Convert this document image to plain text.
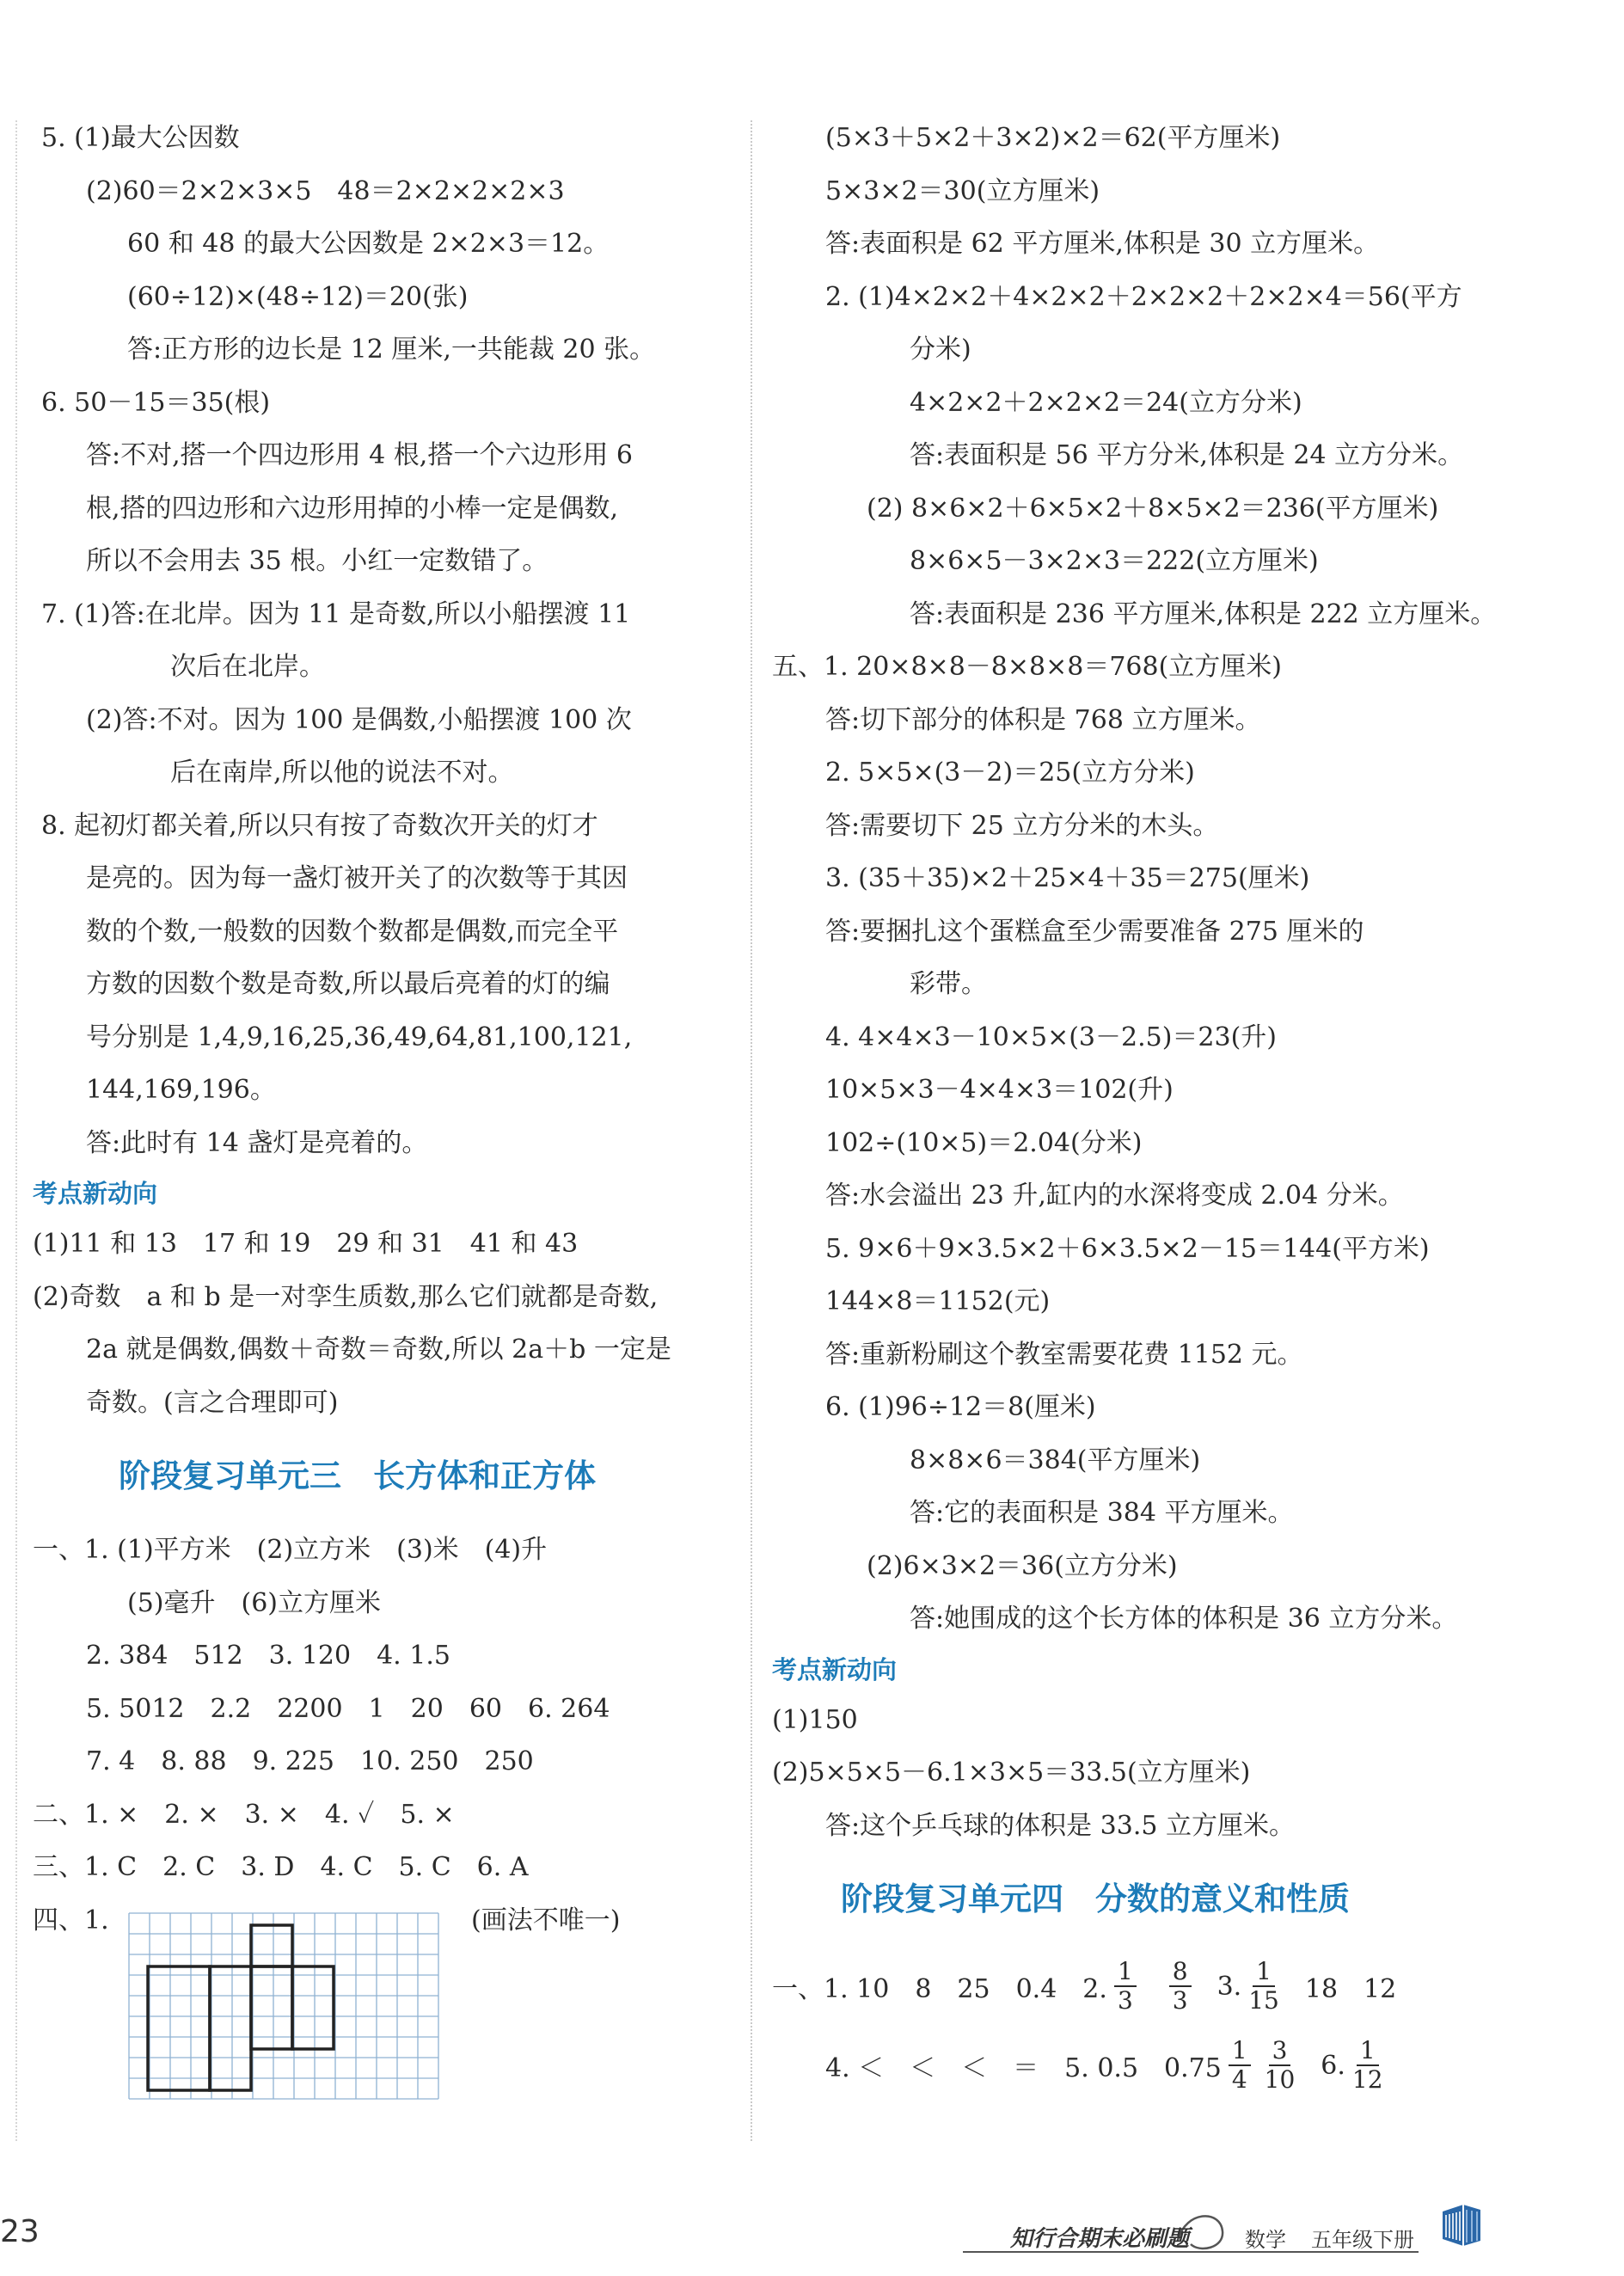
5. (1)最大公因数
(2)60＝2×2×3×5　48＝2×2×2×2×3
60 和 48 的最大公因数是 2×2×3＝12。
(60÷12)×(48÷12)＝20(张)
答:正方形的边长是 12 厘米,一共能裁 20 张。
6. 50－15＝35(根)
答:不对,搭一个四边形用 4 根,搭一个六边形用 6
根,搭的四边形和六边形用掉的小棒一定是偶数,
所以不会用去 35 根。小红一定数错了。
7. (1)答:在北岸。因为 11 是奇数,所以小船摆渡 11
次后在北岸。
(2)答:不对。因为 100 是偶数,小船摆渡 100 次
后在南岸,所以他的说法不对。
8. 起初灯都关着,所以只有按了奇数次开关的灯才
是亮的。因为每一盏灯被开关了的次数等于其因
数的个数,一般数的因数个数都是偶数,而完全平
方数的因数个数是奇数,所以最后亮着的灯的编
号分别是 1,4,9,16,25,36,49,64,81,100,121,
144,169,196。
答:此时有 14 盏灯是亮着的。
考点新动向
(1)11 和 13　17 和 19　29 和 31　41 和 43
(2)奇数　a 和 b 是一对孪生质数,那么它们就都是奇数,
2a 就是偶数,偶数＋奇数＝奇数,所以 2a＋b 一定是
奇数。(言之合理即可)
阶段复习单元三　长方体和正方体
一、1. (1)平方米　(2)立方米　(3)米　(4)升
(5)毫升　(6)立方厘米
2. 384　512　3. 120　4. 1.5
5. 5012　2.2　2200　1　20　60　6. 264
7. 4　8. 88　9. 225　10. 250　250
二、1. ×　2. ×　3. ×　4. ✓　5. ×
三、1. C　2. C　3. D　4. C　5. C　6. A
四、1.	(画法不唯一)
(5×3＋5×2＋3×2)×2＝62(平方厘米)
5×3×2＝30(立方厘米)
答:表面积是 62 平方厘米,体积是 30 立方厘米。
2. (1)4×2×2＋4×2×2＋2×2×2＋2×2×4＝56(平方
分米)
4×2×2＋2×2×2＝24(立方分米)
答:表面积是 56 平方分米,体积是 24 立方分米。
(2) 8×6×2＋6×5×2＋8×5×2＝236(平方厘米)
8×6×5－3×2×3＝222(立方厘米)
答:表面积是 236 平方厘米,体积是 222 立方厘米。
五、1. 20×8×8－8×8×8＝768(立方厘米)
答:切下部分的体积是 768 立方厘米。
2. 5×5×(3－2)＝25(立方分米)
答:需要切下 25 立方分米的木头。
3. (35＋35)×2＋25×4＋35＝275(厘米)
答:要捆扎这个蛋糕盒至少需要准备 275 厘米的
彩带。
4. 4×4×3－10×5×(3－2.5)＝23(升)
10×5×3－4×4×3＝102(升)
102÷(10×5)＝2.04(分米)
答:水会溢出 23 升,缸内的水深将变成 2.04 分米。
5. 9×6＋9×3.5×2＋6×3.5×2－15＝144(平方米)
144×8＝1152(元)
答:重新粉刷这个教室需要花费 1152 元。
6. (1)96÷12＝8(厘米)
8×8×6＝384(平方厘米)
答:它的表面积是 384 平方厘米。
(2)6×3×2＝36(立方分米)
答:她围成的这个长方体的体积是 36 立方分米。
考点新动向
(1)150
(2)5×5×5－6.1×3×5＝33.5(立方厘米)
答:这个乒乓球的体积是 33.5 立方厘米。
阶段复习单元四　分数的意义和性质
一、1. 10　8　25　0.4　2. $\frac{1}{3} \frac{8}{3} 3$. $\frac{1}{15} 18$　12
4. ＜　＜　＜　＝　5. 0.5　$0.75 \frac{1}{4} \frac{3}{10} 6$. $\frac{1}{12}$
23	知行合期末必刷题	数学 五年级下册
